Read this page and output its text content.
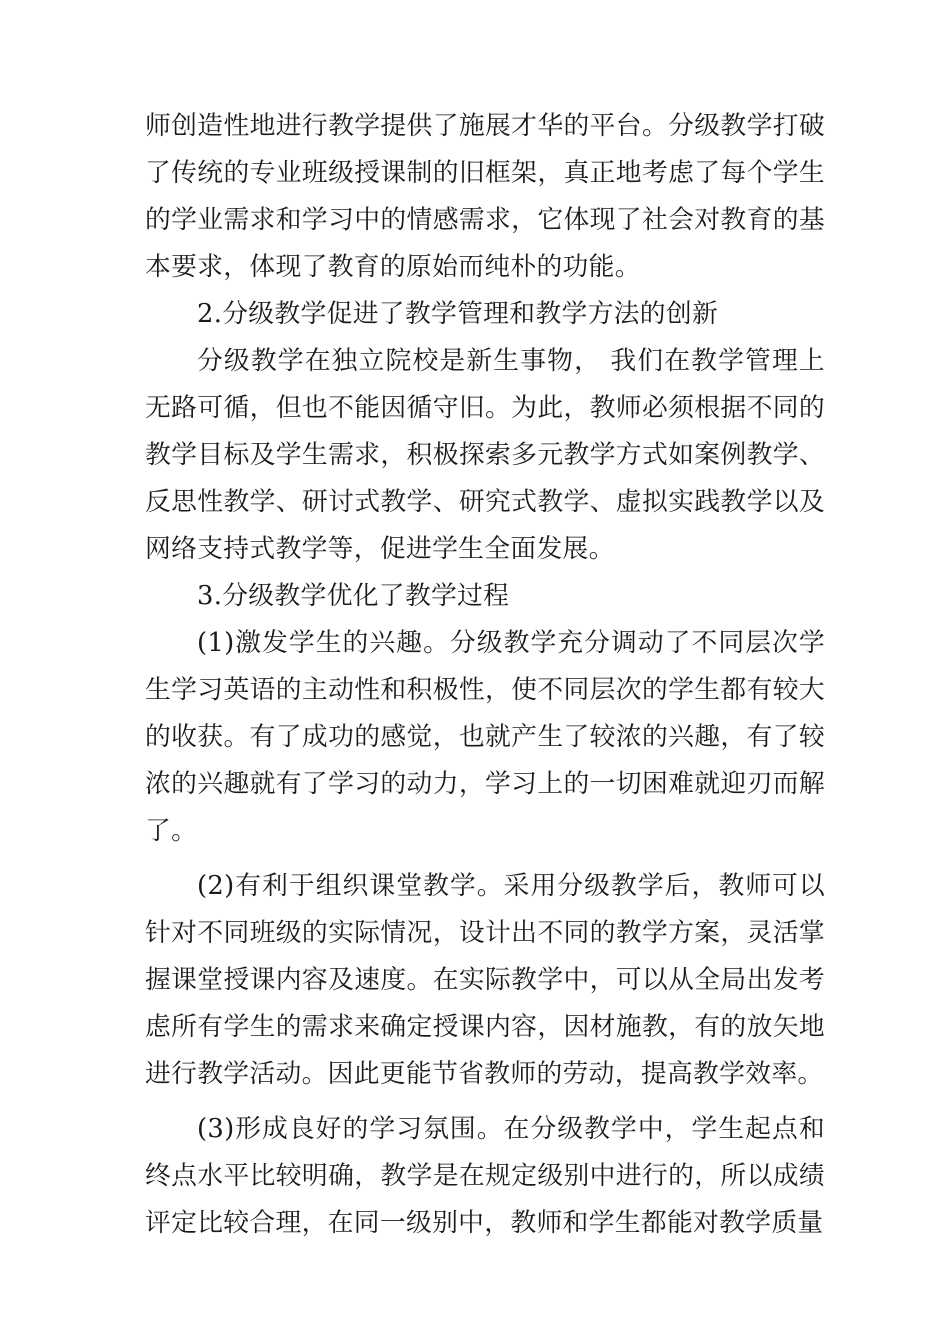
师创造性地进行教学提供了施展才华的平台。分级教学打破了传统的专业班级授课制的旧框架，真正地考虑了每个学生的学业需求和学习中的情感需求，它体现了社会对教育的基本要求，体现了教育的原始而纯朴的功能。

2.分级教学促进了教学管理和教学方法的创新

分级教学在独立院校是新生事物， 我们在教学管理上无路可循，但也不能因循守旧。为此，教师必须根据不同的教学目标及学生需求，积极探索多元教学方式如案例教学、反思性教学、研讨式教学、研究式教学、虚拟实践教学以及网络支持式教学等，促进学生全面发展。

3.分级教学优化了教学过程

(1)激发学生的兴趣。分级教学充分调动了不同层次学生学习英语的主动性和积极性，使不同层次的学生都有较大的收获。有了成功的感觉，也就产生了较浓的兴趣，有了较浓的兴趣就有了学习的动力，学习上的一切困难就迎刃而解了。

(2)有利于组织课堂教学。采用分级教学后，教师可以针对不同班级的实际情况，设计出不同的教学方案，灵活掌握课堂授课内容及速度。在实际教学中，可以从全局出发考虑所有学生的需求来确定授课内容，因材施教，有的放矢地进行教学活动。因此更能节省教师的劳动，提高教学效率。

(3)形成良好的学习氛围。在分级教学中，学生起点和终点水平比较明确，教学是在规定级别中进行的，所以成绩评定比较合理，在同一级别中，教师和学生都能对教学质量
